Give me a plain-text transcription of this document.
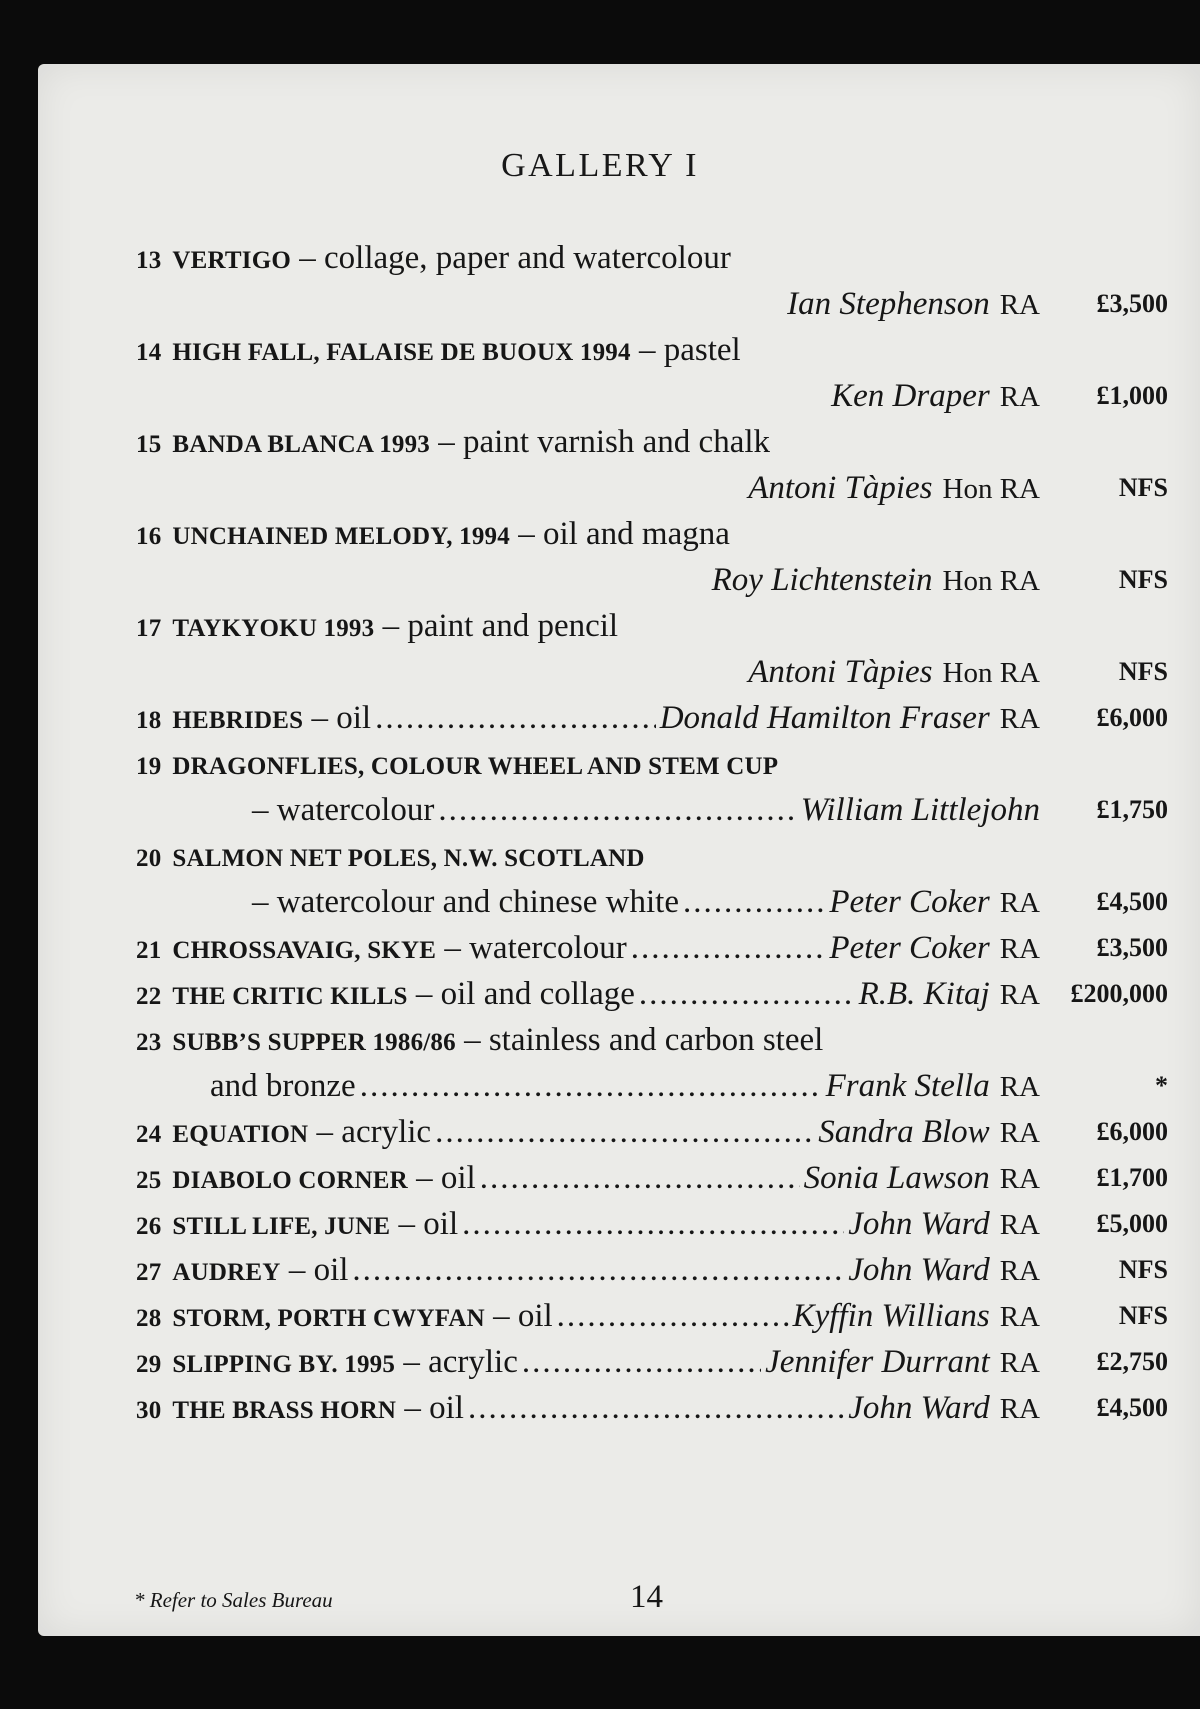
GALLERY I
13 VERTIGO – collage, paper and watercolour
Ian Stephenson RA £3,500
14 HIGH FALL, FALAISE DE BUOUX 1994 – pastel
Ken Draper RA £1,000
15 BANDA BLANCA 1993 – paint varnish and chalk
Antoni Tàpies Hon RA	NFS
16 UNCHAINED MELODY, 1994 – oil and magna
Roy Lichtenstein Hon RA	NFS
17 TAYKYOKU 1993 – paint and pencil
Antoni Tàpies Hon RA	NFS
18 HEBRIDES
– oil .....	Donald Hamilton Fraser RA £6,000
19 DRAGONFLIES, COLOUR WHEEL AND STEM CUP
– watercolour .....	William Littlejohn £1,750
20 SALMON NET POLES, N.W. SCOTLAND
– watercolour and chinese white .....	Peter Coker RA £4,500
21 CHROSSAVAIG, SKYE
– watercolour .....	Peter Coker RA £3,500
22 THE CRITIC KILLS
– oil and collage .....	R.B. Kitaj RA £200,000
23 SUBB’S SUPPER 1986/86 – stainless and carbon steel
and bronze .....	Frank Stella RA	*
24 EQUATION
– acrylic .....	Sandra Blow RA £6,000
25 DIABOLO CORNER
– oil .....	Sonia Lawson RA £1,700
26 STILL LIFE, JUNE
– oil .....	John Ward RA £5,000
27 AUDREY
– oil .....	John Ward RA	NFS
28 STORM, PORTH CWYFAN
– oil .....	Kyffin Willians RA	NFS
29 SLIPPING BY. 1995
– acrylic .....	Jennifer Durrant RA £2,750
30 THE BRASS HORN
– oil .....	John Ward RA £4,500
* Refer to Sales Bureau	14
